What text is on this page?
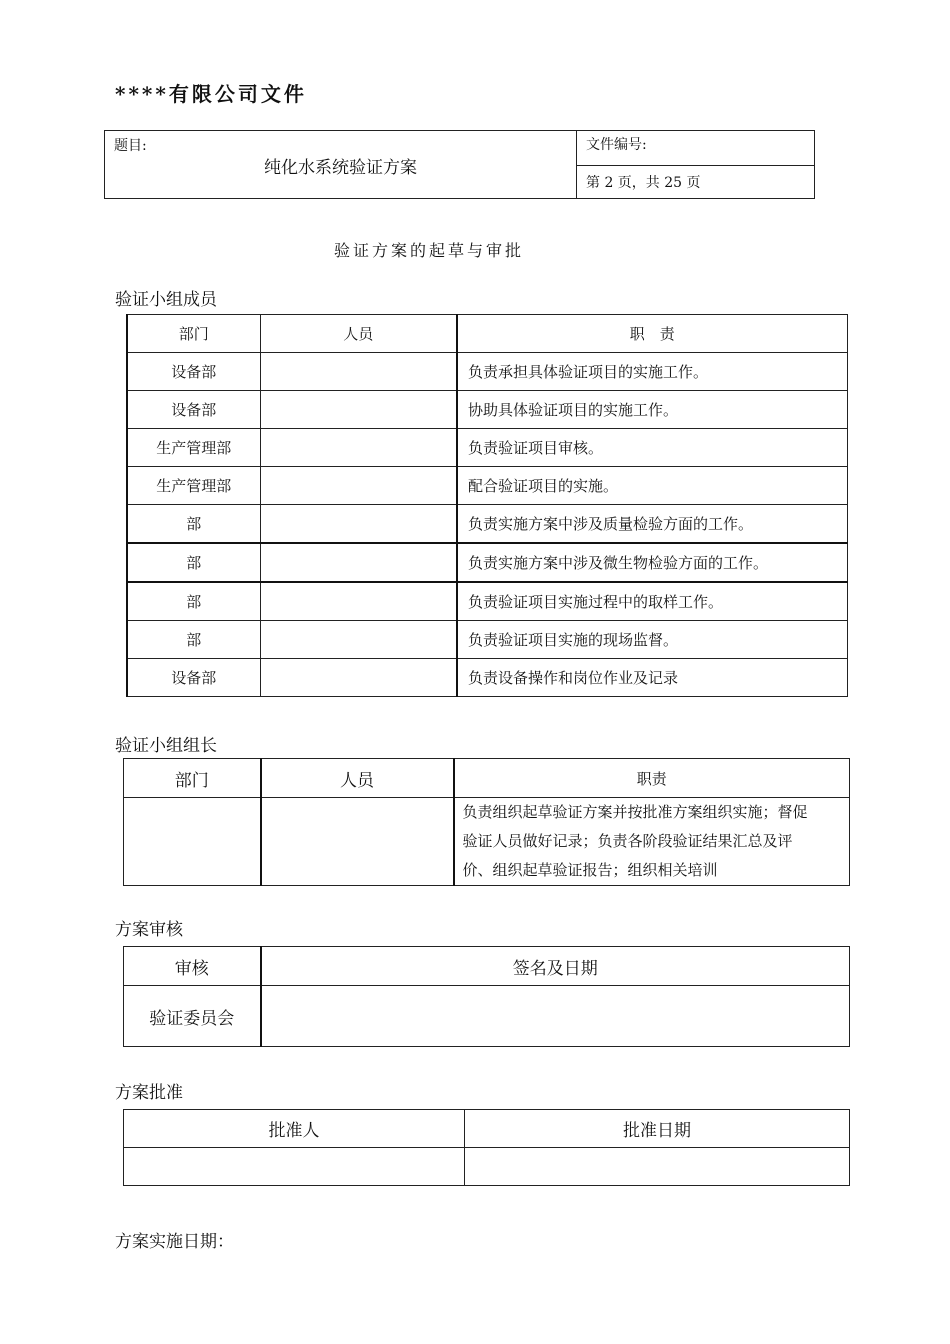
****有限公司文件
题目:
纯化水系统验证方案
	文件编号:
第 2 页，共 25 页
验证方案的起草与审批
验证小组成员
部门	人员	职　责
设备部		负责承担具体验证项目的实施工作。
设备部		协助具体验证项目的实施工作。
生产管理部		负责验证项目审核。
生产管理部		配合验证项目的实施。
部		负责实施方案中涉及质量检验方面的工作。
部		负责实施方案中涉及微生物检验方面的工作。
部		负责验证项目实施过程中的取样工作。
部		负责验证项目实施的现场监督。
设备部		负责设备操作和岗位作业及记录
验证小组组长
部门	人员	职责

		负责组织起草验证方案并按批准方案组织实施；督促
验证人员做好记录；负责各阶段验证结果汇总及评
价、组织起草验证报告；组织相关培训
方案审核
审核	签名及日期
验证委员会	
方案批准
批准人	批准日期

方案实施日期：
